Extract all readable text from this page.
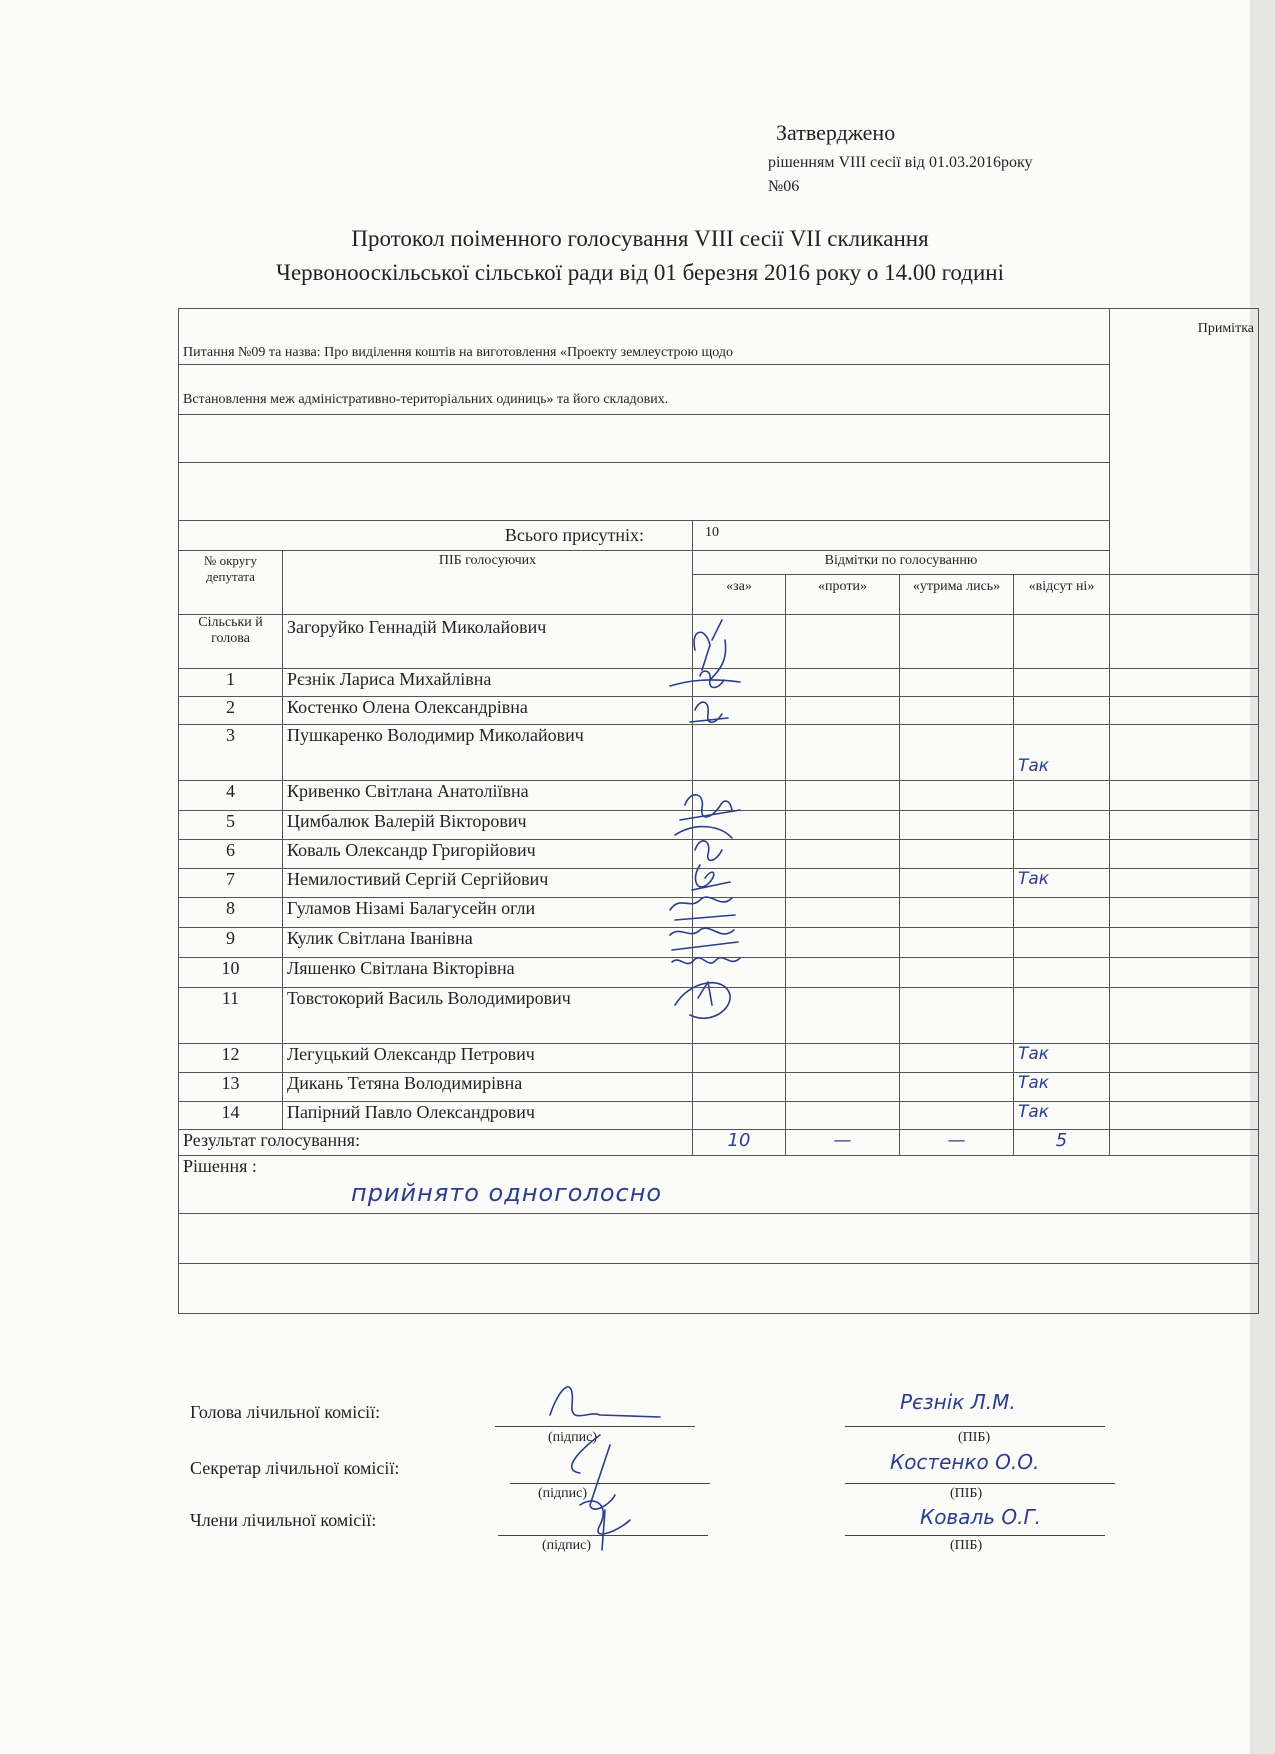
Затверджено
рішенням VIII сесії від 01.03.2016року
№06
Протокол поіменного голосування VIII сесії VII скликання
Червонооскільської сільської ради від 01 березня 2016 року о 14.00 годині
Питання №09 та назва: Про виділення коштів на виготовлення «Проекту землеустрою щодо						Примітка
Встановлення меж адміністративно-територіальних одиниць» та його складових.						

Всього присутніх:		10				
№ округу депутата	ПІБ голосуючих	Відмітки по голосуванню				
		«за»	«проти»	«утрима лись»	«відсут ні»	
Сільськи й голова	Загоруйко Геннадій Миколайович					
1	Рєзнік Лариса Михайлівна					
2	Костенко Олена Олександрівна					
3	Пушкаренко Володимир Миколайович				Так	
4	Кривенко Світлана Анатоліївна					
5	Цимбалюк Валерій Вікторович					
6	Коваль Олександр Григорійович					
7	Немилостивий Сергій Сергійович				Так	
8	Гуламов Нізамі Балагусейн огли					
9	Кулик Світлана Іванівна					
10	Ляшенко Світлана Вікторівна					
11	Товстокорий Василь Володимирович					
12	Легуцький Олександр Петрович				Так	
13	Дикань Тетяна Володимирівна				Так	
14	Папірний Павло Олександрович				Так	
Результат голосування:		10	—	—	5	

Рішення :
прийнято одноголосно						

Голова лічильної комісії:
(підпис)	(ПІБ)
Рєзнік Л.М.
Секретар лічильної комісії:
(підпис)	(ПІБ)
Костенко О.О.
Члени лічильної комісії:
(підпис)	(ПІБ)
Коваль О.Г.
